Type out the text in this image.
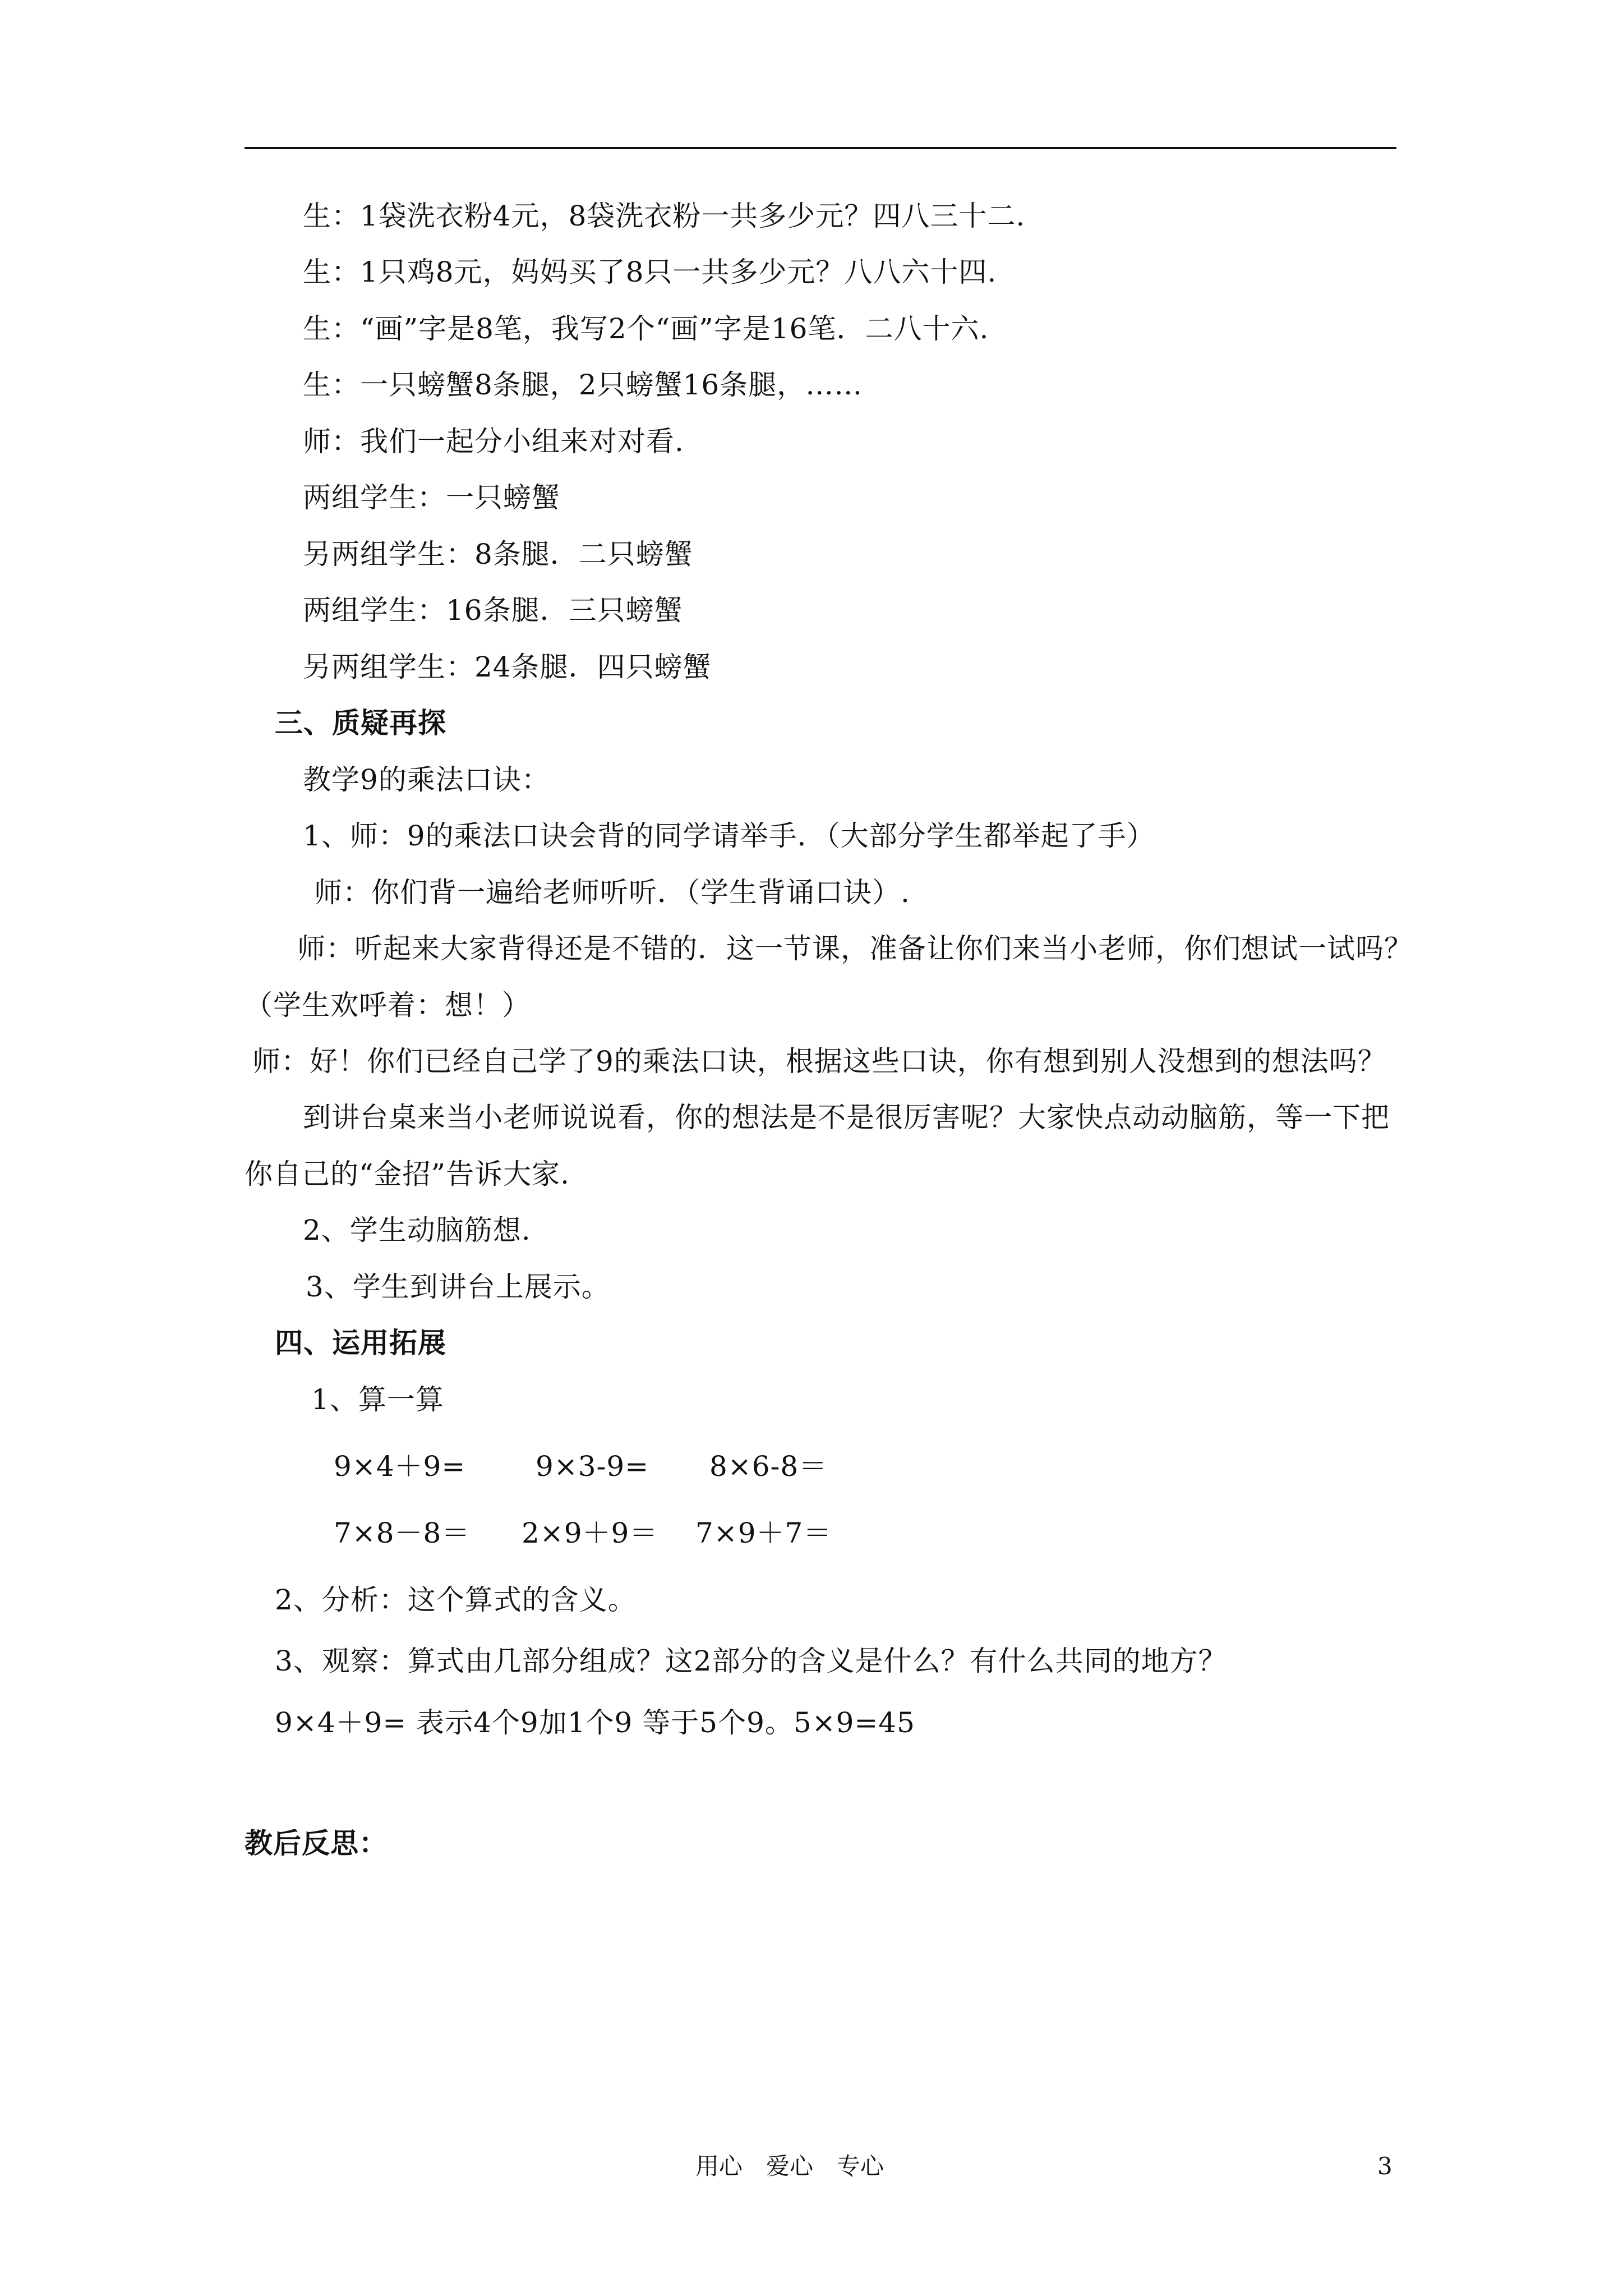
生：1袋洗衣粉4元，8袋洗衣粉一共多少元？四八三十二.
生：1只鸡8元，妈妈买了8只一共多少元？八八六十四.
生：“画”字是8笔，我写2个“画”字是16笔．二八十六.
生：一只螃蟹8条腿，2只螃蟹16条腿，……
师：我们一起分小组来对对看.
两组学生：一只螃蟹
另两组学生：8条腿．二只螃蟹
两组学生：16条腿．三只螃蟹
另两组学生：24条腿．四只螃蟹
三、质疑再探
教学9的乘法口诀：
1、师：9的乘法口诀会背的同学请举手．（大部分学生都举起了手）
师：你们背一遍给老师听听．（学生背诵口诀）.
师：听起来大家背得还是不错的．这一节课，准备让你们来当小老师，你们想试一试吗？
（学生欢呼着：想！）
师：好！你们已经自己学了9的乘法口诀，根据这些口诀，你有想到别人没想到的想法吗？
到讲台桌来当小老师说说看，你的想法是不是很厉害呢？大家快点动动脑筋，等一下把
你自己的“金招”告诉大家.
2、学生动脑筋想.
3、学生到讲台上展示。
四、运用拓展
1、算一算
9×4＋9= 9×3-9= 8×6-8＝
7×8－8＝ 2×9＋9＝ 7×9＋7＝
2、分析：这个算式的含义。
3、观察：算式由几部分组成？这2部分的含义是什么？有什么共同的地方？
9×4＋9= 表示4个9加1个9 等于5个9。5×9=45
教后反思：
用心　爱心　专心	3
